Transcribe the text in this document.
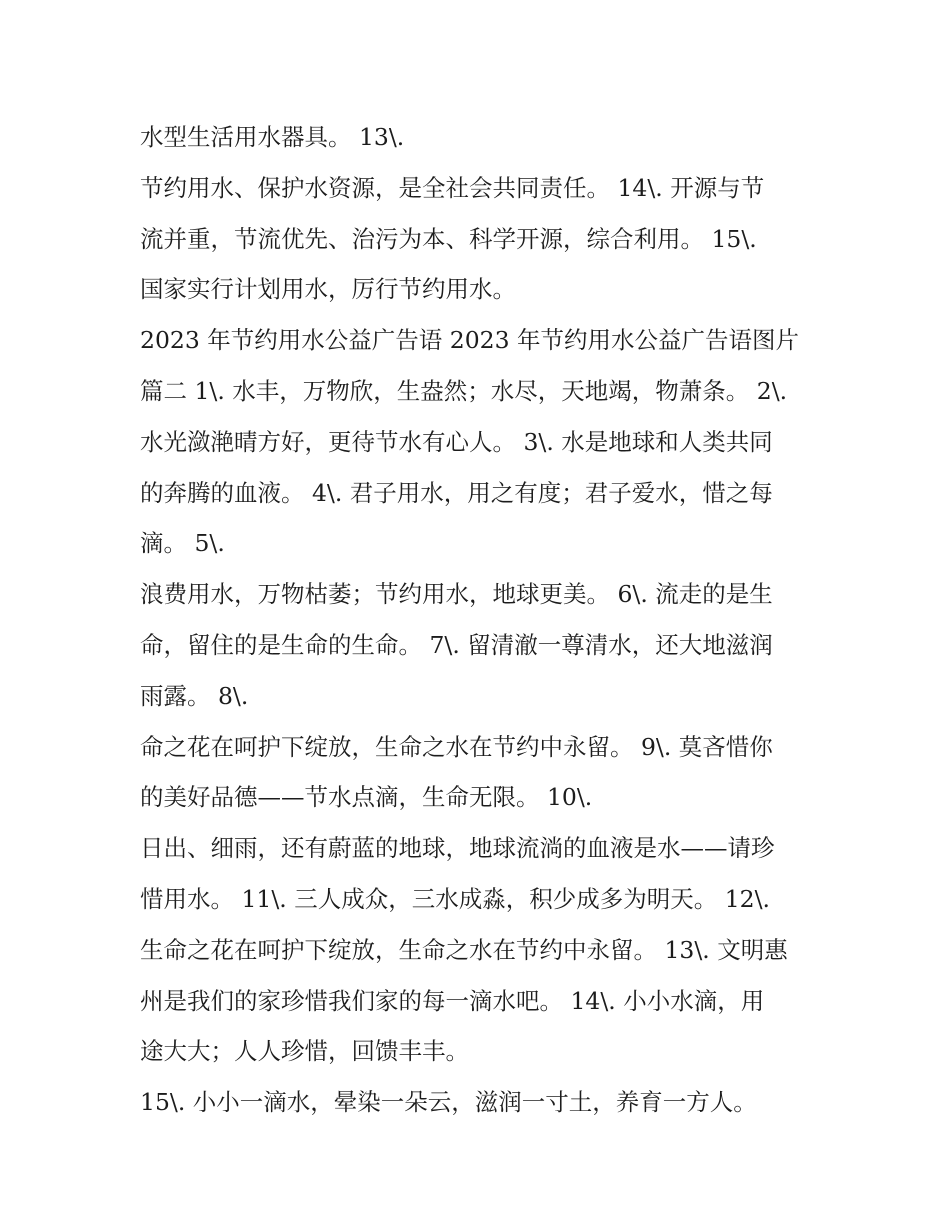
水型生活用水器具。 13\.
节约用水、保护水资源，是全社会共同责任。 14\. 开源与节
流并重，节流优先、治污为本、科学开源，综合利用。 15\.
国家实行计划用水，厉行节约用水。
2023 年节约用水公益广告语 2023 年节约用水公益广告语图片
篇二 1\. 水丰，万物欣，生盎然；水尽，天地竭，物萧条。 2\.
水光潋滟晴方好，更待节水有心人。 3\. 水是地球和人类共同
的奔腾的血液。 4\. 君子用水，用之有度；君子爱水，惜之每
滴。 5\.
浪费用水，万物枯萎；节约用水，地球更美。 6\. 流走的是生
命，留住的是生命的生命。 7\. 留清澈一尊清水，还大地滋润
雨露。 8\.
命之花在呵护下绽放，生命之水在节约中永留。 9\. 莫吝惜你
的美好品德——节水点滴，生命无限。 10\.
日出、细雨，还有蔚蓝的地球，地球流淌的血液是水——请珍
惜用水。 11\. 三人成众，三水成淼，积少成多为明天。 12\.
生命之花在呵护下绽放，生命之水在节约中永留。 13\. 文明惠
州是我们的家珍惜我们家的每一滴水吧。 14\. 小小水滴，用
途大大；人人珍惜，回馈丰丰。
15\. 小小一滴水，晕染一朵云，滋润一寸土，养育一方人。
